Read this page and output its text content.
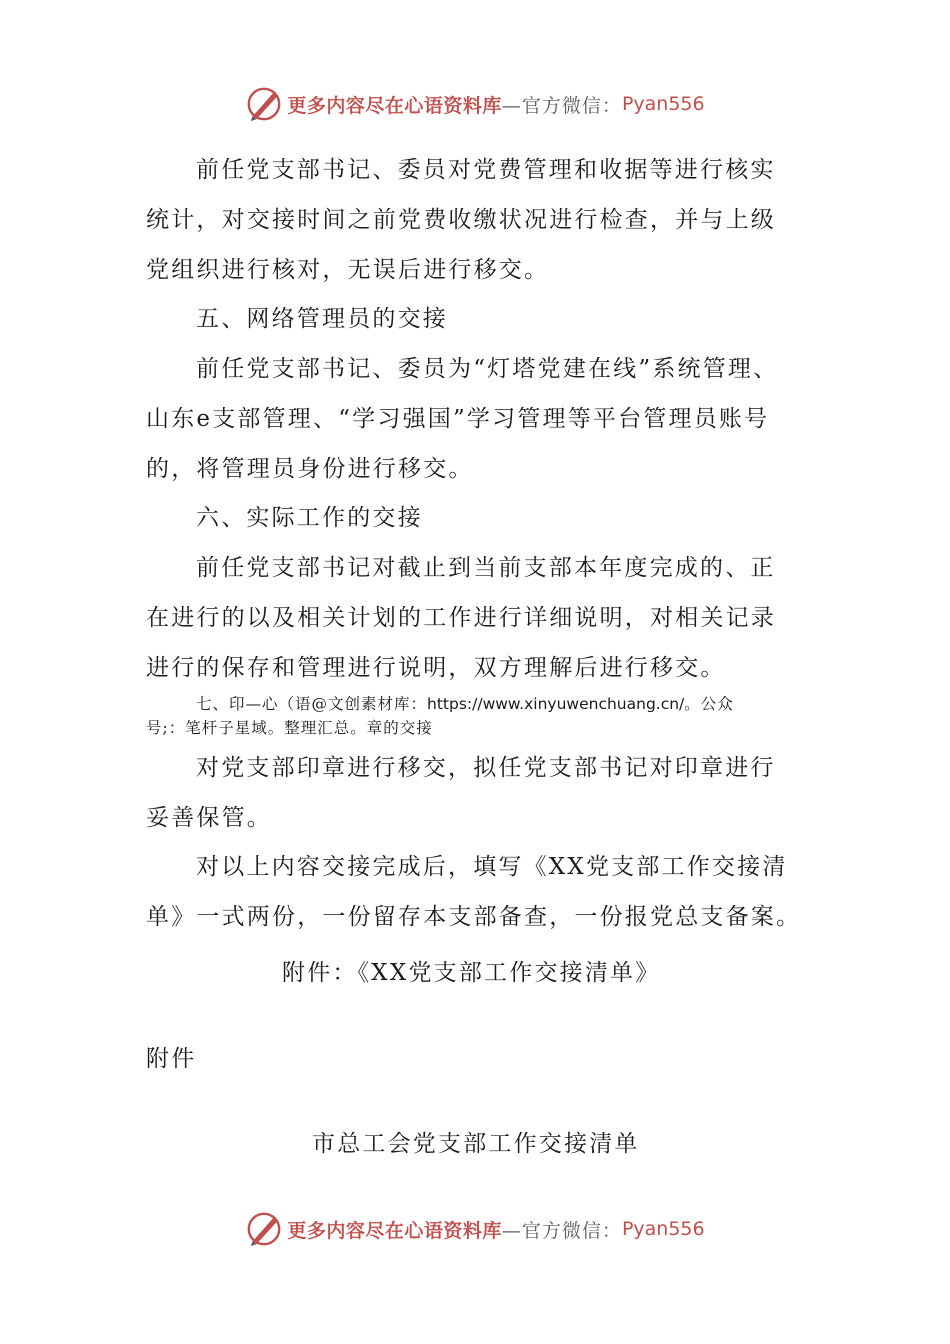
更多内容尽在心语资料库 —官方微信： Pyan556
前任党支部书记、委员对党费管理和收据等进行核实
统计，对交接时间之前党费收缴状况进行检查，并与上级
党组织进行核对，无误后进行移交。
五、网络管理员的交接
前任党支部书记、委员为“灯塔党建在线”系统管理、
山东e支部管理、“学习强国”学习管理等平台管理员账号
的，将管理员身份进行移交。
六、实际工作的交接
前任党支部书记对截止到当前支部本年度完成的、正
在进行的以及相关计划的工作进行详细说明，对相关记录
进行的保存和管理进行说明，双方理解后进行移交。
七、印—心（语@文创素材库：https://www.xinyuwenchuang.cn/。公众
号;：笔杆子星域。整理汇总。章的交接
对党支部印章进行移交，拟任党支部书记对印章进行
妥善保管。
对以上内容交接完成后，填写《XX党支部工作交接清
单》一式两份，一份留存本支部备查，一份报党总支备案。
附件：《XX党支部工作交接清单》
附件
市总工会党支部工作交接清单
更多内容尽在心语资料库 —官方微信： Pyan556
